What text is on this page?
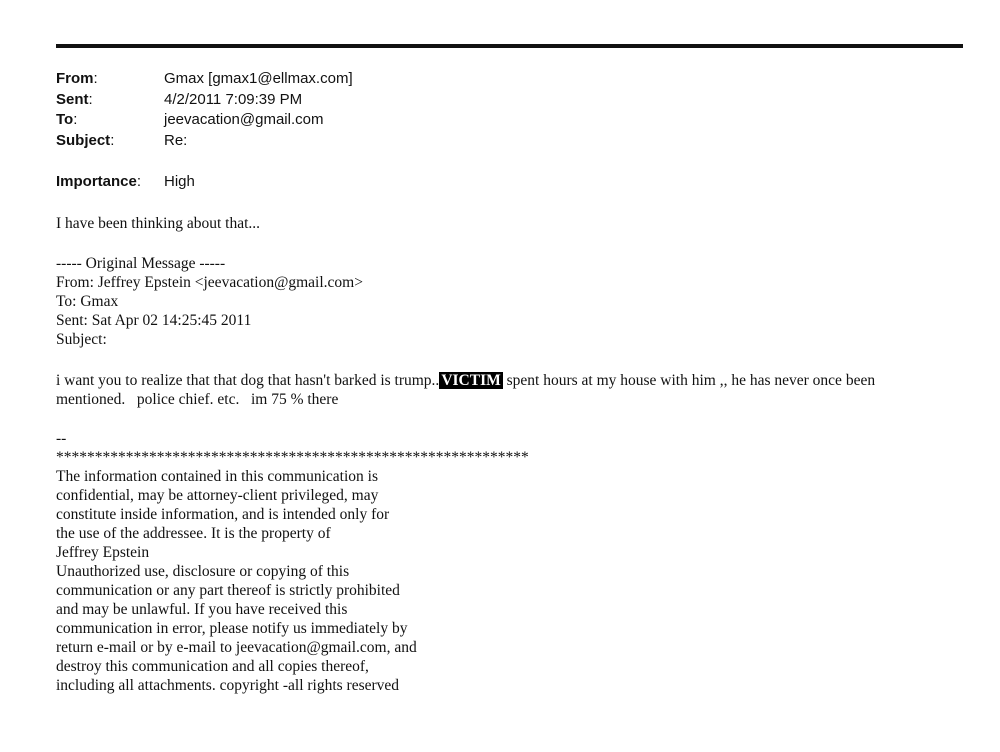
From:	Gmax [gmax1@ellmax.com]
Sent:	4/2/2011 7:09:39 PM
To:	jeevacation@gmail.com
Subject:	Re:
Importance:	High
I have been thinking about that...
----- Original Message -----
From: Jeffrey Epstein <jeevacation@gmail.com>
To: Gmax
Sent: Sat Apr 02 14:25:45 2011
Subject:
i want you to realize that that dog that hasn't barked is trump.. VICTIM spent hours at my house with him ,, he has never once been
mentioned.   police chief. etc.   im 75 % there
--
*************************************************************
The information contained in this communication is
confidential, may be attorney-client privileged, may
constitute inside information, and is intended only for
the use of the addressee. It is the property of
Jeffrey Epstein
Unauthorized use, disclosure or copying of this
communication or any part thereof is strictly prohibited
and may be unlawful. If you have received this
communication in error, please notify us immediately by
return e-mail or by e-mail to jeevacation@gmail.com, and
destroy this communication and all copies thereof,
including all attachments. copyright -all rights reserved
